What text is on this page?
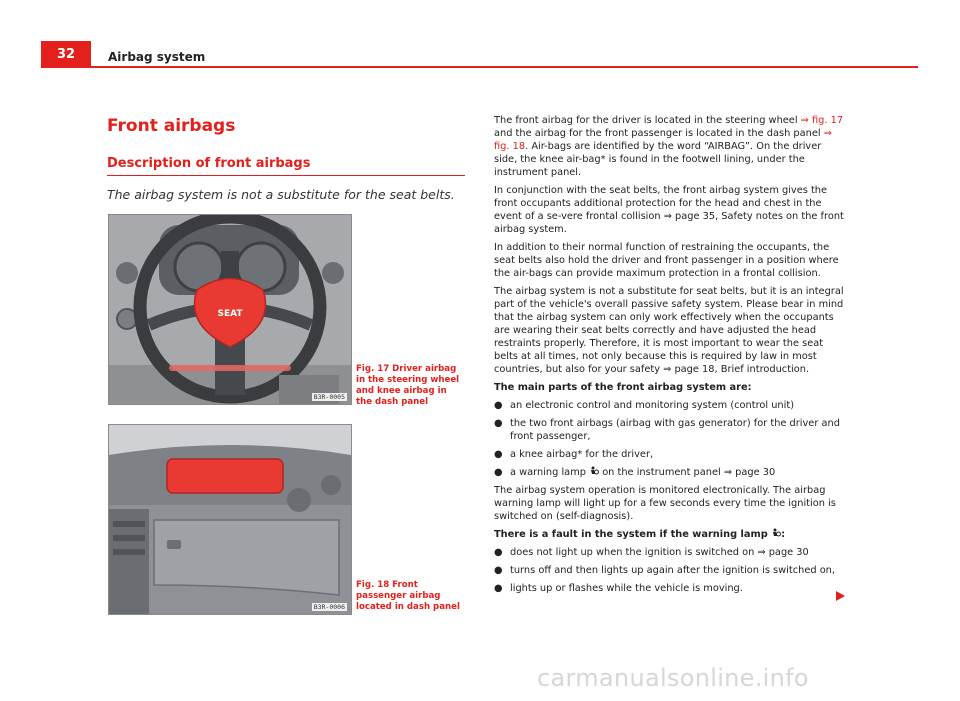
32	Airbag system
Front airbags
Description of front airbags
The airbag system is not a substitute for the seat belts.
SEAT
B3R-0005
Fig. 17 Driver airbag in the steering wheel and knee airbag in the dash panel
B3R-0006
Fig. 18 Front passenger airbag located in dash panel

The front airbag for the driver is located in the steering wheel ⇒ fig. 17 and the airbag for the front passenger is located in the dash panel ⇒ fig. 18. Air-bags are identified by the word “AIRBAG”. On the driver side, the knee air-bag* is found in the footwell lining, under the instrument panel.

In conjunction with the seat belts, the front airbag system gives the front occupants additional protection for the head and chest in the event of a se-vere frontal collision ⇒ page 35, Safety notes on the front airbag system.

In addition to their normal function of restraining the occupants, the seat belts also hold the driver and front passenger in a position where the air-bags can provide maximum protection in a frontal collision.

The airbag system is not a substitute for seat belts, but it is an integral part of the vehicle's overall passive safety system. Please bear in mind that the airbag system can only work effectively when the occupants are wearing their seat belts correctly and have adjusted the head restraints properly. Therefore, it is most important to wear the seat belts at all times, not only because this is required by law in most countries, but also for your safety ⇒ page 18, Brief introduction.

The main parts of the front airbag system are:

● an electronic control and monitoring system (control unit)
● the two front airbags (airbag with gas generator) for the driver and front passenger,
● a knee airbag* for the driver,
● a warning lamp  on the instrument panel ⇒ page 30

The airbag system operation is monitored electronically. The airbag warning lamp will light up for a few seconds every time the ignition is switched on (self-diagnosis).

There is a fault in the system if the warning lamp :

● does not light up when the ignition is switched on ⇒ page 30
● turns off and then lights up again after the ignition is switched on,
● lights up or flashes while the vehicle is moving.
carmanualsonline.info
